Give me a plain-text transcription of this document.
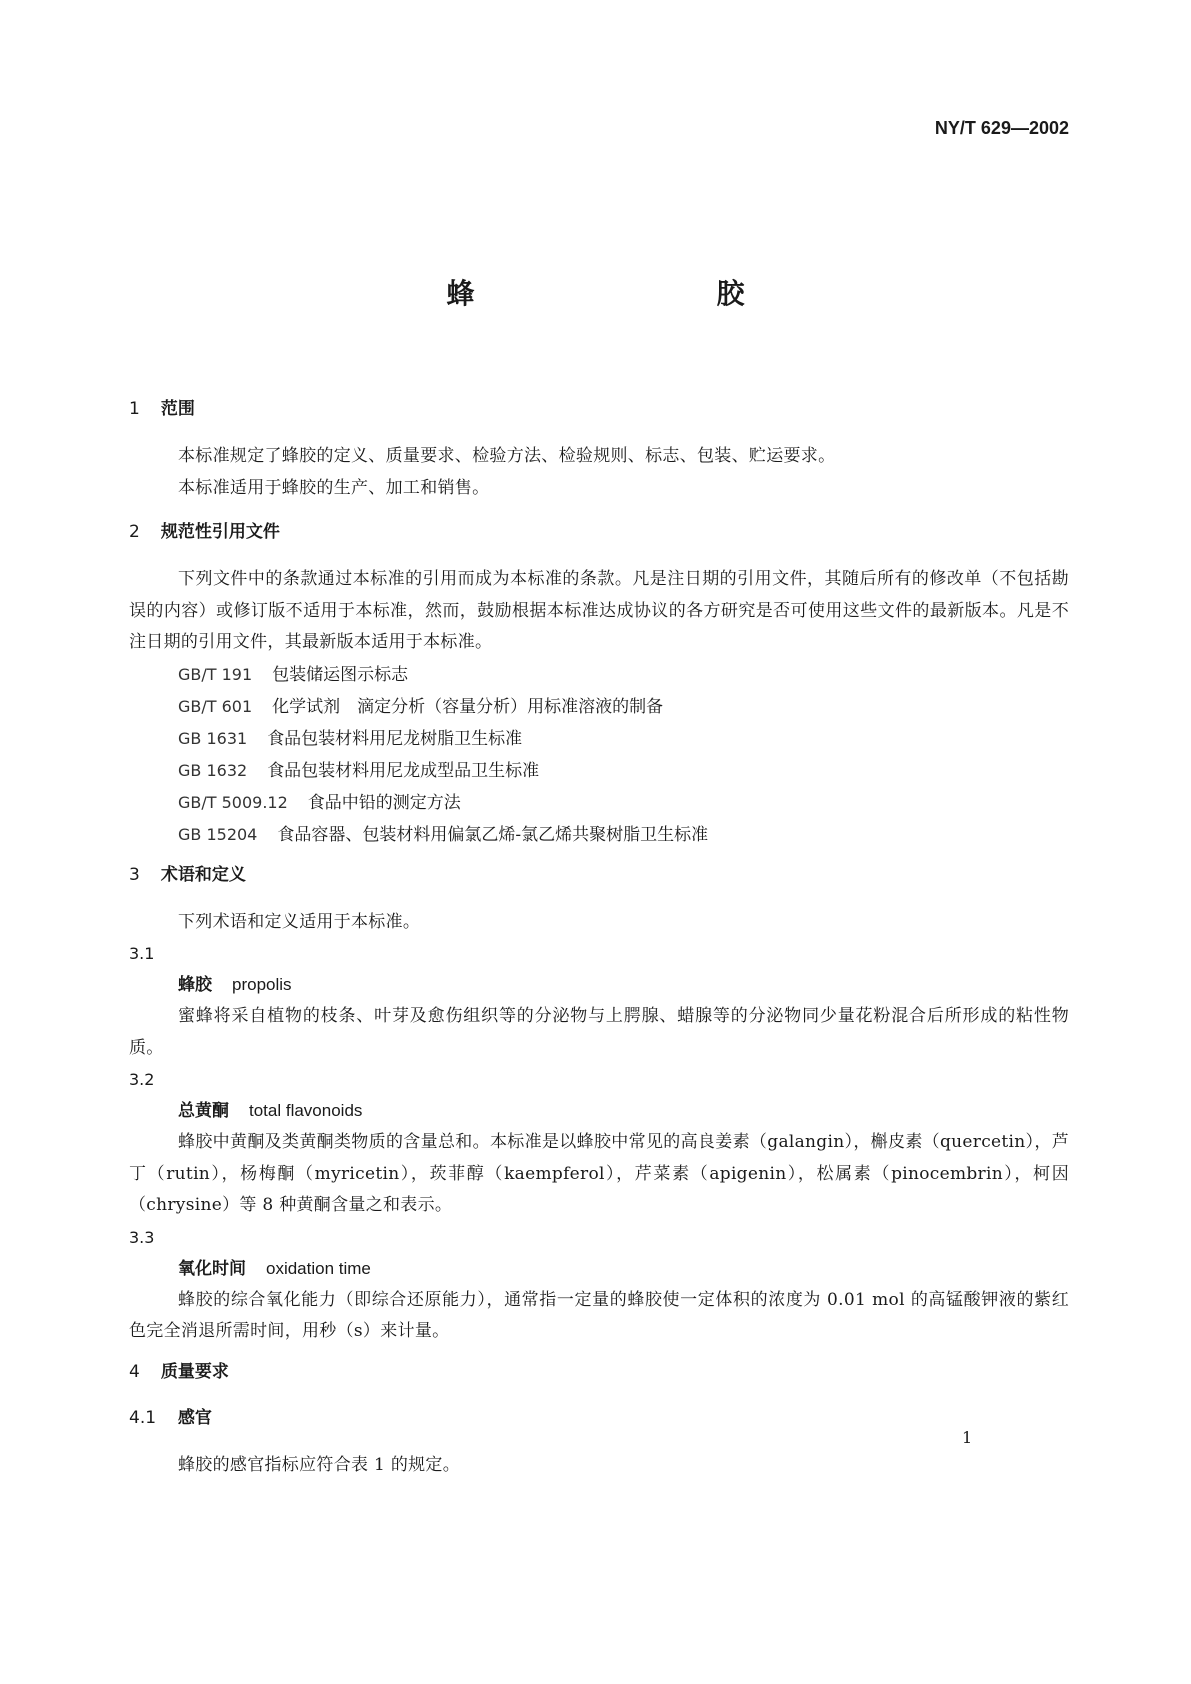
NY/T 629—2002
蜂　　胶
1 范围
本标准规定了蜂胶的定义、质量要求、检验方法、检验规则、标志、包装、贮运要求。
本标准适用于蜂胶的生产、加工和销售。
2 规范性引用文件
下列文件中的条款通过本标准的引用而成为本标准的条款。凡是注日期的引用文件，其随后所有的修改单（不包括勘误的内容）或修订版不适用于本标准，然而，鼓励根据本标准达成协议的各方研究是否可使用这些文件的最新版本。凡是不注日期的引用文件，其最新版本适用于本标准。
GB/T 191 包装储运图示标志
GB/T 601 化学试剂　滴定分析（容量分析）用标准溶液的制备
GB 1631 食品包装材料用尼龙树脂卫生标准
GB 1632 食品包装材料用尼龙成型品卫生标准
GB/T 5009.12 食品中铅的测定方法
GB 15204 食品容器、包装材料用偏氯乙烯-氯乙烯共聚树脂卫生标准
3 术语和定义
下列术语和定义适用于本标准。
3.1
蜂胶 propolis
蜜蜂将采自植物的枝条、叶芽及愈伤组织等的分泌物与上腭腺、蜡腺等的分泌物同少量花粉混合后所形成的粘性物质。
3.2
总黄酮 total flavonoids
蜂胶中黄酮及类黄酮类物质的含量总和。本标准是以蜂胶中常见的高良姜素（galangin），槲皮素（quercetin），芦丁（rutin），杨梅酮（myricetin），莰菲醇（kaempferol），芹菜素（apigenin），松属素（pinocembrin），柯因（chrysine）等 8 种黄酮含量之和表示。
3.3
氧化时间 oxidation time
蜂胶的综合氧化能力（即综合还原能力），通常指一定量的蜂胶使一定体积的浓度为 0.01 mol 的高锰酸钾液的紫红色完全消退所需时间，用秒（s）来计量。
4 质量要求
4.1 感官
蜂胶的感官指标应符合表 1 的规定。
1
